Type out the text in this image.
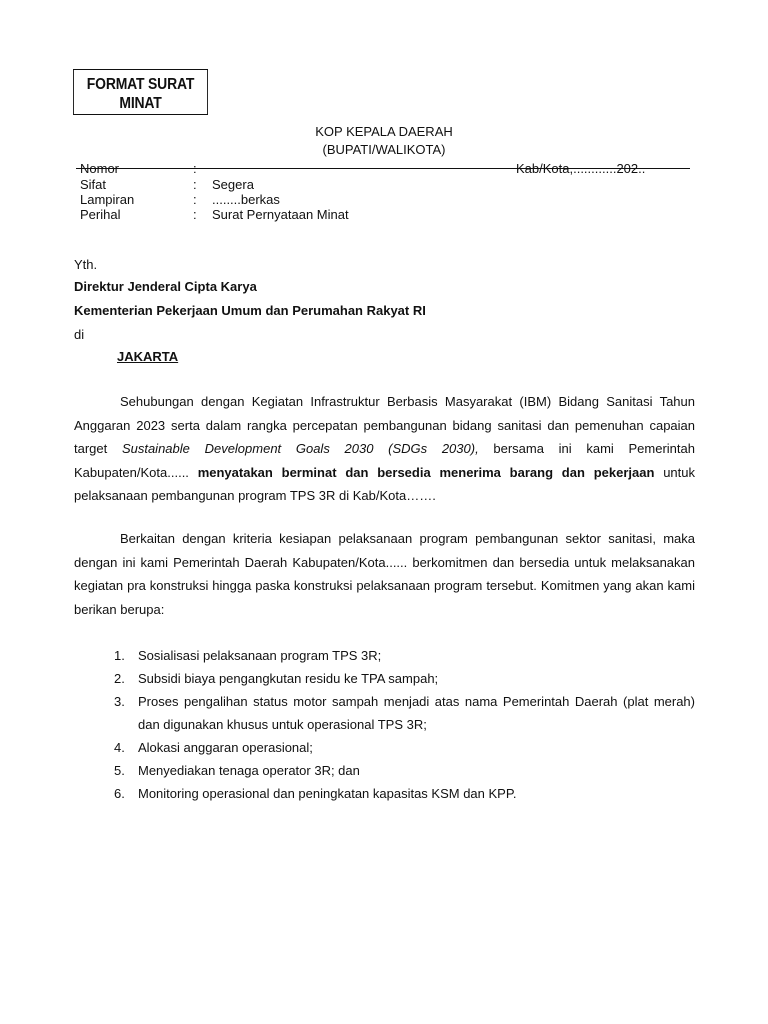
FORMAT SURAT
MINAT
KOP KEPALA DAERAH
(BUPATI/WALIKOTA)
Kab/Kota,............202..
Nomor	:
Sifat	: Segera
Lampiran	: ........berkas
Perihal	: Surat Pernyataan Minat
Yth.
Direktur Jenderal Cipta Karya
Kementerian Pekerjaan Umum dan Perumahan Rakyat RI
di
JAKARTA

Sehubungan dengan Kegiatan Infrastruktur Berbasis Masyarakat (IBM) Bidang Sanitasi Tahun Anggaran 2023 serta dalam rangka percepatan pembangunan bidang sanitasi dan pemenuhan capaian target Sustainable Development Goals 2030 (SDGs 2030), bersama ini kami Pemerintah Kabupaten/Kota...... menyatakan berminat dan bersedia menerima barang dan pekerjaan untuk pelaksanaan pembangunan program TPS 3R di Kab/Kota…….

Berkaitan dengan kriteria kesiapan pelaksanaan program pembangunan sektor sanitasi, maka dengan ini kami Pemerintah Daerah Kabupaten/Kota...... berkomitmen dan bersedia untuk melaksanakan kegiatan pra konstruksi hingga paska konstruksi pelaksanaan program tersebut. Komitmen yang akan kami berikan berupa:

1. Sosialisasi pelaksanaan program TPS 3R;
2. Subsidi biaya pengangkutan residu ke TPA sampah;
3. Proses pengalihan status motor sampah menjadi atas nama Pemerintah Daerah (plat merah) dan digunakan khusus untuk operasional TPS 3R;
4. Alokasi anggaran operasional;
5. Menyediakan tenaga operator 3R; dan
6. Monitoring operasional dan peningkatan kapasitas KSM dan KPP.
